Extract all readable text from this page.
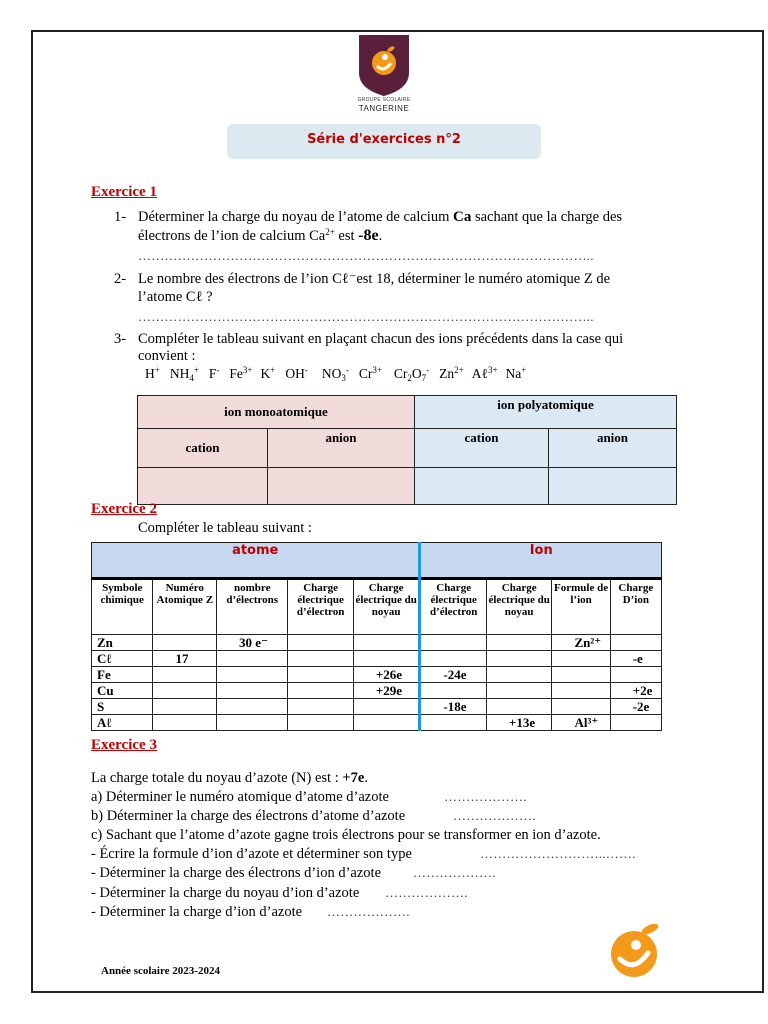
GROUPE SCOLAIRE
TANGERINE
Série d'exercices n°2
Exercice 1
1- Déterminer la charge du noyau de l’atome de calcium Ca sachant que la charge des
électrons de l’ion de calcium $Ca^{2+}$ est -8e.
…………………………………………………………………………………………..
2- Le nombre des électrons de l’ion Cℓ⁻est 18, déterminer le numéro atomique Z de
l’atome Cℓ ?
…………………………………………………………………………………………..
3- Compléter le tableau suivant en plaçant chacun des ions précédents dans la case qui
convient :
H+ $NH_4^+$ F- $Fe^{3+}$ K+ OH- $NO_3^-$ $Cr^{3+}$ $Cr_2O_7^-$ $Zn^{2+}$ Aℓ$^{3+}$ Na+
ion monoatomique		ion polyatomique	
cation	anion	cation	anion

Exercice 2
Compléter le tableau suivant :
atome					Ion			
Symbole chimique	Numéro Atomique Z	nombre d’électrons	Charge électrique d’électron	Charge électrique du noyau	Charge électrique d’électron	Charge électrique du noyau	Formule de l’ion	Charge D’ion
Zn		30 e⁻					Zn²⁺	
Cℓ	17							-e
Fe				+26e	-24e			
Cu				+29e				+2e
S					-18e			-2e
Aℓ						+13e	Al³⁺	
Exercice 3
La charge totale du noyau d’azote (N) est : +7e.
a) Déterminer le numéro atomique d’atome d’azote	……………….
b) Déterminer la charge des électrons d’atome d’azote	……………….
c) Sachant que l’atome d’azote gagne trois électrons pour se transformer en ion d’azote.
- Écrire la formule d’ion d’azote et déterminer son type	………………………..…….
- Déterminer la charge des électrons d’ion d’azote ……………….
- Déterminer la charge du noyau d’ion d’azote ……………….
- Déterminer la charge d’ion d’azote ……………….
Année scolaire 2023-2024
